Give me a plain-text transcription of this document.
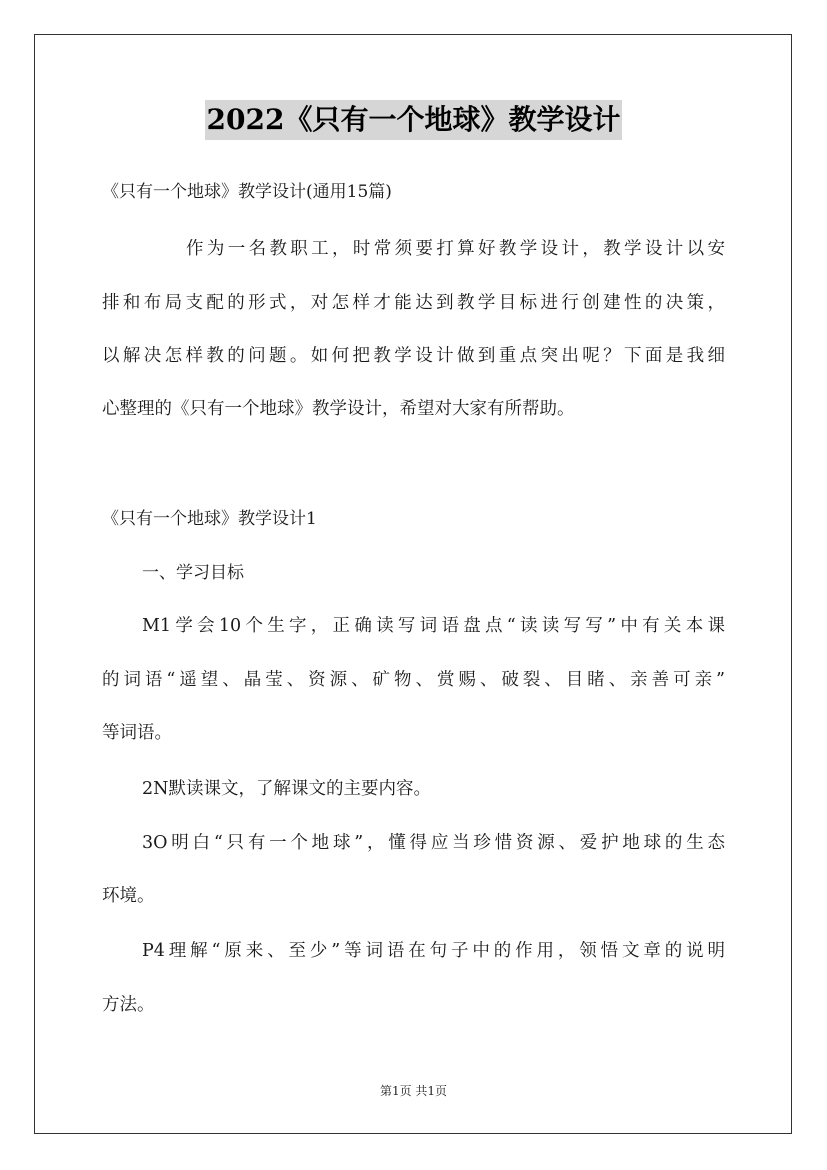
2022《只有一个地球》教学设计
《只有一个地球》教学设计(通用15篇)
作为一名教职工，时常须要打算好教学设计，教学设计以安
排和布局支配的形式，对怎样才能达到教学目标进行创建性的决策，
以解决怎样教的问题。如何把教学设计做到重点突出呢？下面是我细
心整理的《只有一个地球》教学设计，希望对大家有所帮助。
《只有一个地球》教学设计1
一、学习目标
M1学会10个生字，正确读写词语盘点“读读写写”中有关本课
的词语“遥望、晶莹、资源、矿物、赏赐、破裂、目睹、亲善可亲”
等词语。
2N默读课文，了解课文的主要内容。
3O明白“只有一个地球”，懂得应当珍惜资源、爱护地球的生态
环境。
P4理解“原来、至少”等词语在句子中的作用，领悟文章的说明
方法。
第1页 共1页
